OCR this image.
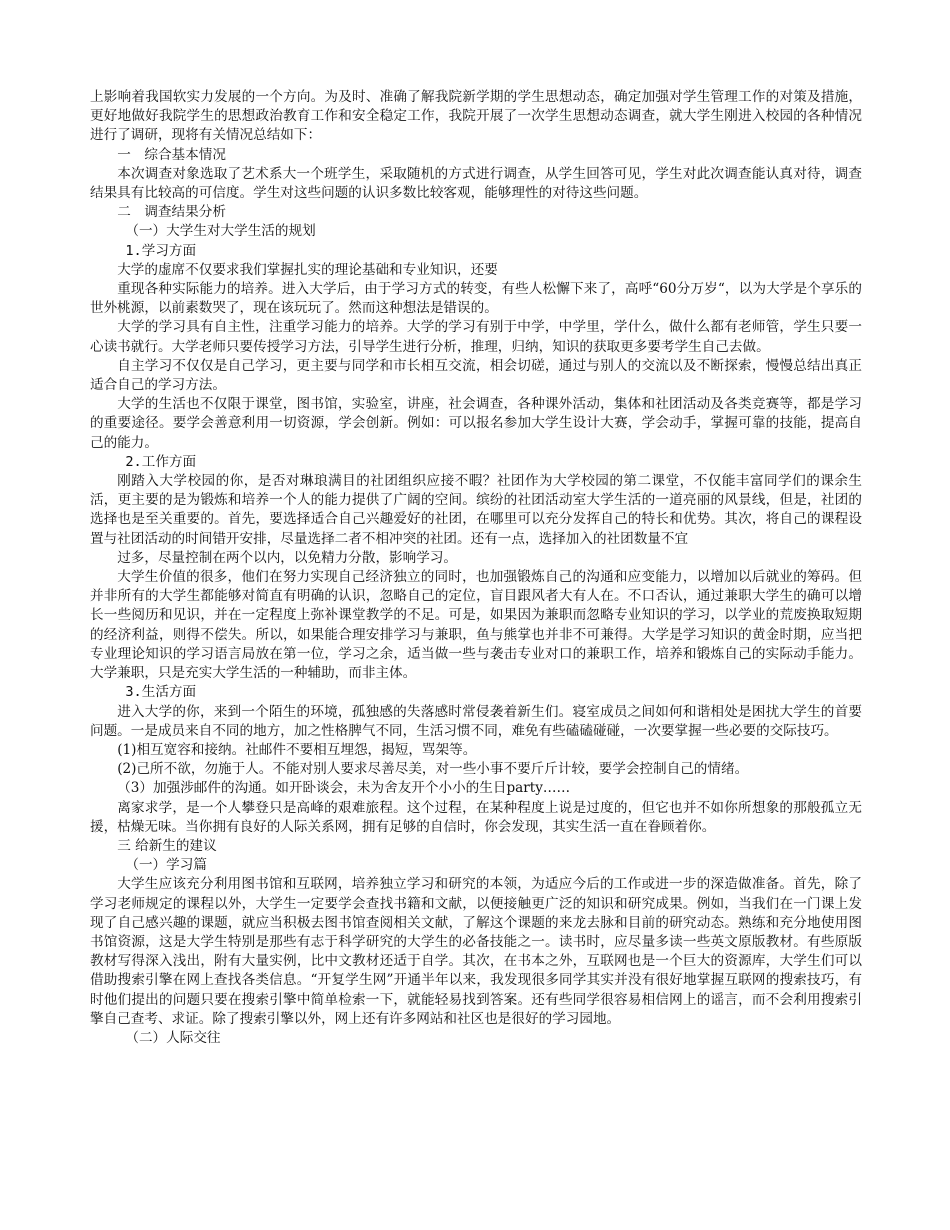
上影响着我国软实力发展的一个方向。为及时、准确了解我院新学期的学生思想动态，确定加强对学生管理工作的对策及措施，更好地做好我院学生的思想政治教育工作和安全稳定工作，我院开展了一次学生思想动态调查，就大学生刚进入校园的各种情况进行了调研，现将有关情况总结如下：

一　综合基本情况

本次调查对象选取了艺术系大一个班学生，采取随机的方式进行调查，从学生回答可见，学生对此次调查能认真对待，调查结果具有比较高的可信度。学生对这些问题的认识多数比较客观，能够理性的对待这些问题。

二　调查结果分析

（一）大学生对大学生活的规划

1.学习方面

大学的虚席不仅要求我们掌握扎实的理论基础和专业知识，还要

重现各种实际能力的培养。进入大学后，由于学习方式的转变，有些人松懈下来了，高呼“60分万岁“，以为大学是个享乐的世外桃源，以前素数哭了，现在该玩玩了。然而这种想法是错误的。

大学的学习具有自主性，注重学习能力的培养。大学的学习有别于中学，中学里，学什么，做什么都有老师管，学生只要一心读书就行。大学老师只要传授学习方法，引导学生进行分析，推理，归纳，知识的获取更多要考学生自己去做。

自主学习不仅仅是自己学习，更主要与同学和市长相互交流，相会切磋，通过与别人的交流以及不断探索，慢慢总结出真正适合自己的学习方法。

大学的生活也不仅限于课堂，图书馆，实验室，讲座，社会调查，各种课外活动，集体和社团活动及各类竞赛等，都是学习的重要途径。要学会善意利用一切资源，学会创新。例如：可以报名参加大学生设计大赛，学会动手，掌握可靠的技能，提高自己的能力。

2.工作方面

刚踏入大学校园的你，是否对琳琅满目的社团组织应接不暇？社团作为大学校园的第二课堂，不仅能丰富同学们的课余生活，更主要的是为锻炼和培养一个人的能力提供了广阔的空间。缤纷的社团活动室大学生活的一道亮丽的风景线，但是，社团的选择也是至关重要的。首先，要选择适合自己兴趣爱好的社团，在哪里可以充分发挥自己的特长和优势。其次，将自己的课程设置与社团活动的时间错开安排，尽量选择二者不相冲突的社团。还有一点，选择加入的社团数量不宜

过多，尽量控制在两个以内，以免精力分散，影响学习。

大学生价值的很多，他们在努力实现自己经济独立的同时，也加强锻炼自己的沟通和应变能力，以增加以后就业的筹码。但并非所有的大学生都能够对简直有明确的认识，忽略自己的定位，盲目跟风者大有人在。不口否认，通过兼职大学生的确可以增长一些阅历和见识，并在一定程度上弥补课堂教学的不足。可是，如果因为兼职而忽略专业知识的学习，以学业的荒废换取短期的经济利益，则得不偿失。所以，如果能合理安排学习与兼职，鱼与熊掌也并非不可兼得。大学是学习知识的黄金时期，应当把专业理论知识的学习语言局放在第一位，学习之余，适当做一些与袭击专业对口的兼职工作，培养和锻炼自己的实际动手能力。大学兼职，只是充实大学生活的一种辅助，而非主体。

3.生活方面

进入大学的你，来到一个陌生的环境，孤独感的失落感时常侵袭着新生们。寝室成员之间如何和谐相处是困扰大学生的首要问题。一是成员来自不同的地方，加之性格脾气不同，生活习惯不同，难免有些磕磕碰碰，一次要掌握一些必要的交际技巧。

(1)相互宽容和接纳。社邮件不要相互埋怨，揭短，骂架等。

(2)己所不欲，勿施于人。不能对别人要求尽善尽美，对一些小事不要斤斤计较，要学会控制自己的情绪。

（3）加强涉邮件的沟通。如开卧谈会，未为舍友开个小小的生日party……

离家求学，是一个人攀登只是高峰的艰难旅程。这个过程，在某种程度上说是过度的，但它也并不如你所想象的那般孤立无援，枯燥无味。当你拥有良好的人际关系网，拥有足够的自信时，你会发现，其实生活一直在眷顾着你。

三 给新生的建议

（一）学习篇

大学生应该充分利用图书馆和互联网，培养独立学习和研究的本领，为适应今后的工作或进一步的深造做准备。首先，除了学习老师规定的课程以外，大学生一定要学会查找书籍和文献，以便接触更广泛的知识和研究成果。例如，当我们在一门课上发现了自己感兴趣的课题，就应当积极去图书馆查阅相关文献，了解这个课题的来龙去脉和目前的研究动态。熟练和充分地使用图书馆资源，这是大学生特别是那些有志于科学研究的大学生的必备技能之一。读书时，应尽量多读一些英文原版教材。有些原版教材写得深入浅出，附有大量实例，比中文教材还适于自学。其次，在书本之外，互联网也是一个巨大的资源库，大学生们可以借助搜索引擎在网上查找各类信息。“开复学生网”开通半年以来，我发现很多同学其实并没有很好地掌握互联网的搜索技巧，有时他们提出的问题只要在搜索引擎中简单检索一下，就能轻易找到答案。还有些同学很容易相信网上的谣言，而不会利用搜索引擎自己查考、求证。除了搜索引擎以外，网上还有许多网站和社区也是很好的学习园地。

（二）人际交往
